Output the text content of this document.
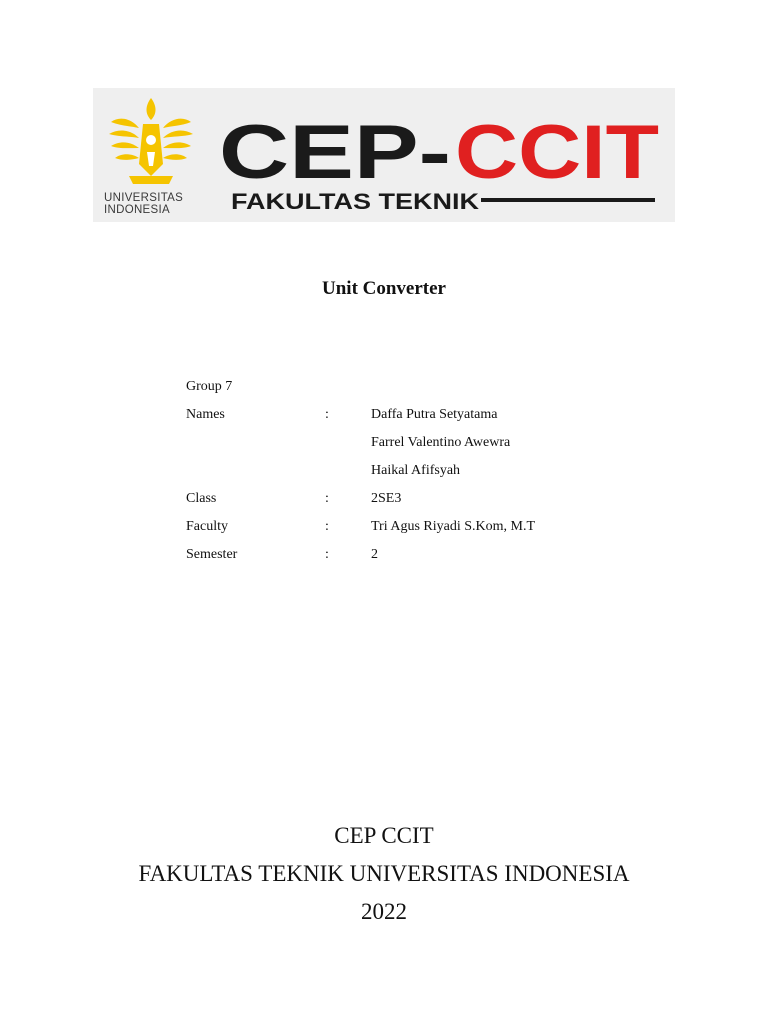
UNIVERSITAS
INDONESIA
CEP- CCIT
FAKULTAS TEKNIK
Unit Converter
Group 7
Names	:	Daffa Putra Setyatama
Farrel Valentino Awewra
Haikal Afifsyah
Class	:	2SE3
Faculty	:	Tri Agus Riyadi S.Kom, M.T
Semester	:	2
CEP CCIT
FAKULTAS TEKNIK UNIVERSITAS INDONESIA
2022
